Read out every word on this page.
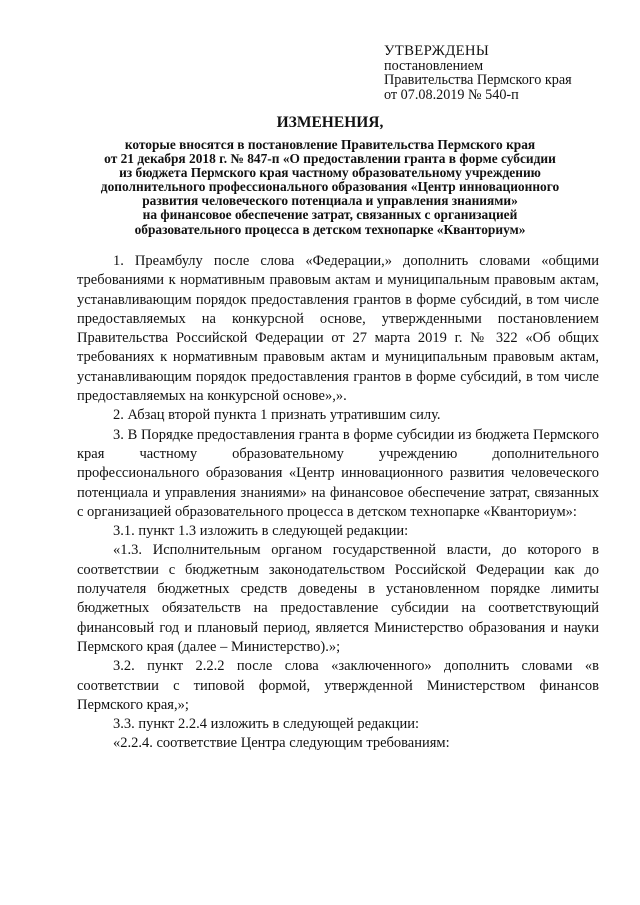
УТВЕРЖДЕНЫ
постановлением
Правительства Пермского края
от 07.08.2019 № 540-п
ИЗМЕНЕНИЯ,
которые вносятся в постановление Правительства Пермского края
от 21 декабря 2018 г. № 847-п «О предоставлении гранта в форме субсидии
из бюджета Пермского края частному образовательному учреждению
дополнительного профессионального образования «Центр инновационного
развития человеческого потенциала и управления знаниями»
на финансовое обеспечение затрат, связанных с организацией
образовательного процесса в детском технопарке «Кванториум»

1. Преамбулу после слова «Федерации,» дополнить словами «общими требованиями к нормативным правовым актам и муниципальным правовым актам, устанавливающим порядок предоставления грантов в форме субсидий, в том числе предоставляемых на конкурсной основе, утвержденными постановлением Правительства Российской Федерации от 27 марта 2019 г. № 322 «Об общих требованиях к нормативным правовым актам и муниципальным правовым актам, устанавливающим порядок предоставления грантов в форме субсидий, в том числе предоставляемых на конкурсной основе»,».

2. Абзац второй пункта 1 признать утратившим силу.

3. В Порядке предоставления гранта в форме субсидии из бюджета Пермского края частному образовательному учреждению дополнительного профессионального образования «Центр инновационного развития человеческого потенциала и управления знаниями» на финансовое обеспечение затрат, связанных с организацией образовательного процесса в детском технопарке «Кванториум»:

3.1. пункт 1.3 изложить в следующей редакции:

«1.3. Исполнительным органом государственной власти, до которого в соответствии с бюджетным законодательством Российской Федерации как до получателя бюджетных средств доведены в установленном порядке лимиты бюджетных обязательств на предоставление субсидии на соответствующий финансовый год и плановый период, является Министерство образования и науки Пермского края (далее – Министерство).»;

3.2. пункт 2.2.2 после слова «заключенного» дополнить словами «в соответствии с типовой формой, утвержденной Министерством финансов Пермского края,»;

3.3. пункт 2.2.4 изложить в следующей редакции:

«2.2.4. соответствие Центра следующим требованиям:
